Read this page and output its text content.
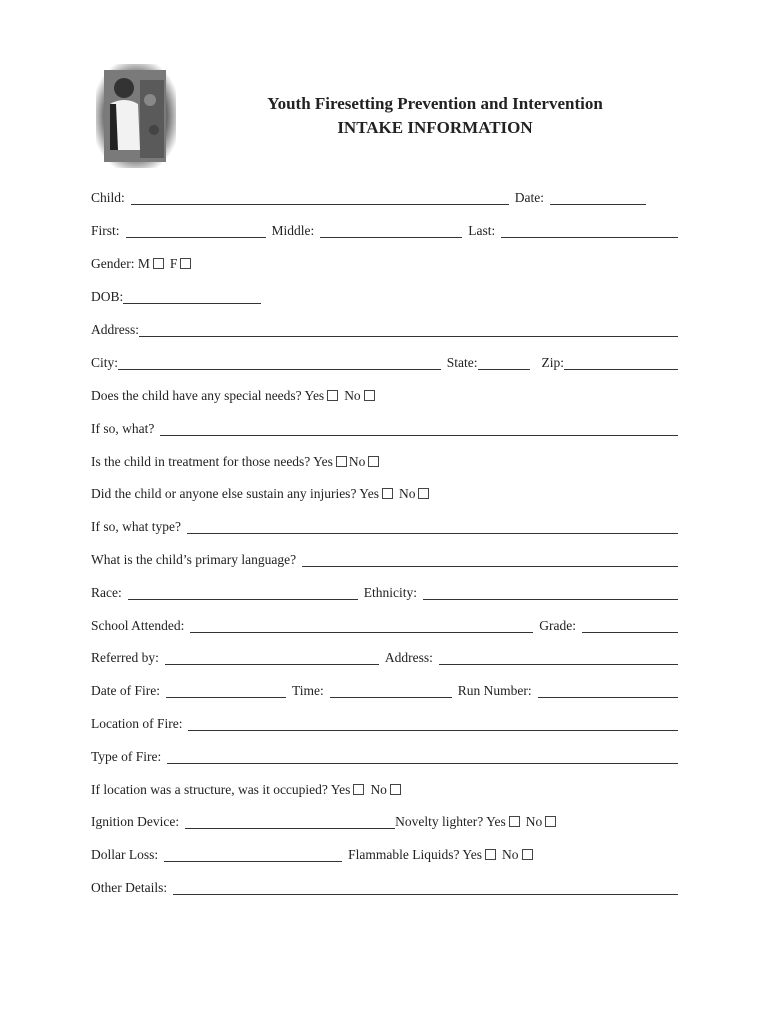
Youth Firesetting Prevention and Intervention
INTAKE INFORMATION
Child:	Date:
First:	Middle:	Last:
Gender: M F
DOB:
Address:
City:	State:	Zip:
Does the child have any special needs? Yes No
If so, what?
Is the child in treatment for those needs? Yes No
Did the child or anyone else sustain any injuries? Yes No
If so, what type?
What is the child’s primary language?
Race:	Ethnicity:
School Attended:	Grade:
Referred by:	Address:
Date of Fire:	Time:	Run Number:
Location of Fire:
Type of Fire:
If location was a structure, was it occupied? Yes No
Ignition Device:	Novelty lighter? Yes No
Dollar Loss:	Flammable Liquids? Yes No
Other Details:
